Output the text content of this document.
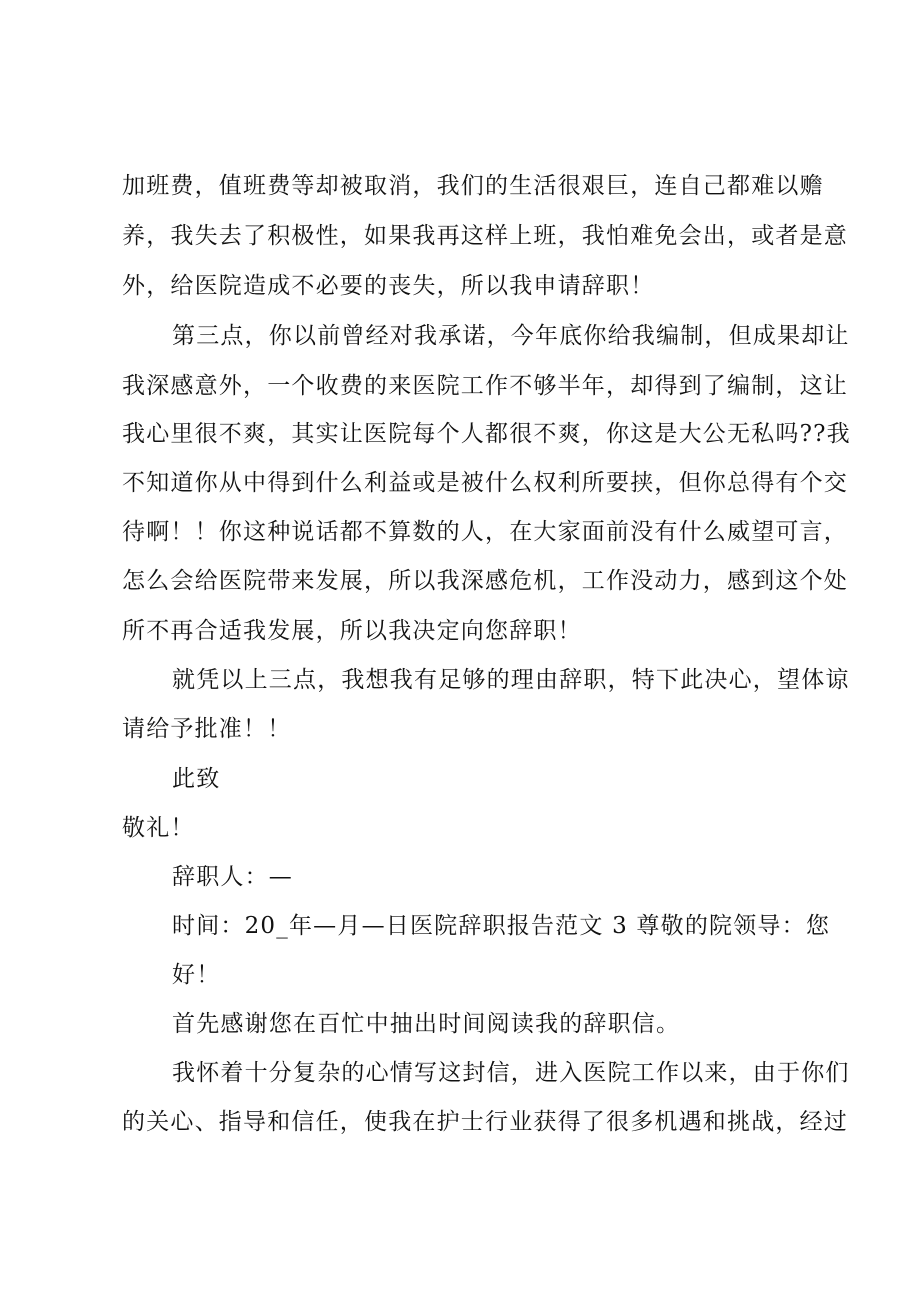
加班费，值班费等却被取消，我们的生活很艰巨，连自己都难以赡
养，我失去了积极性，如果我再这样上班，我怕难免会出，或者是意
外，给医院造成不必要的丧失，所以我申请辞职！
第三点，你以前曾经对我承诺，今年底你给我编制，但成果却让
我深感意外，一个收费的来医院工作不够半年，却得到了编制，这让
我心里很不爽，其实让医院每个人都很不爽，你这是大公无私吗??我
不知道你从中得到什么利益或是被什么权利所要挟，但你总得有个交
待啊！！你这种说话都不算数的人，在大家面前没有什么威望可言，
怎么会给医院带来发展，所以我深感危机，工作没动力，感到这个处
所不再合适我发展，所以我决定向您辞职！
就凭以上三点，我想我有足够的理由辞职，特下此决心，望体谅
请给予批准！！
此致
敬礼！
辞职人：—
时间：20_年—月—日医院辞职报告范文 3 尊敬的院领导：您
好！
首先感谢您在百忙中抽出时间阅读我的辞职信。
我怀着十分复杂的心情写这封信，进入医院工作以来，由于你们
的关心、指导和信任，使我在护士行业获得了很多机遇和挑战，经过
